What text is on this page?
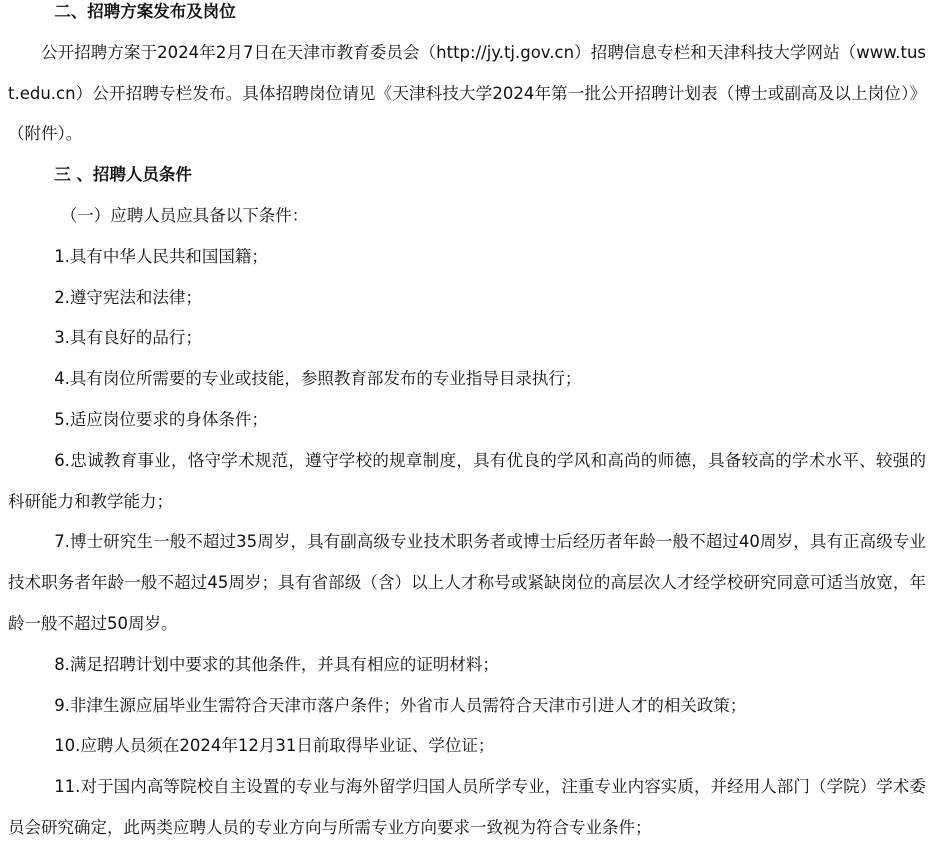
二、招聘方案发布及岗位

公开招聘方案于2024年2月7日在天津市教育委员会（http://jy.tj.gov.cn）招聘信息专栏和天津科技大学网站（www.tust.edu.cn）公开招聘专栏发布。具体招聘岗位请见《天津科技大学2024年第一批公开招聘计划表（博士或副高及以上岗位）》（附件）。

三 、招聘人员条件

（一）应聘人员应具备以下条件：

1.具有中华人民共和国国籍；

2.遵守宪法和法律；

3.具有良好的品行；

4.具有岗位所需要的专业或技能，参照教育部发布的专业指导目录执行；

5.适应岗位要求的身体条件；

6.忠诚教育事业，恪守学术规范，遵守学校的规章制度，具有优良的学风和高尚的师德，具备较高的学术水平、较强的科研能力和教学能力；

7.博士研究生一般不超过35周岁，具有副高级专业技术职务者或博士后经历者年龄一般不超过40周岁，具有正高级专业技术职务者年龄一般不超过45周岁；具有省部级（含）以上人才称号或紧缺岗位的高层次人才经学校研究同意可适当放宽，年龄一般不超过50周岁。

8.满足招聘计划中要求的其他条件，并具有相应的证明材料；

9.非津生源应届毕业生需符合天津市落户条件；外省市人员需符合天津市引进人才的相关政策；

10.应聘人员须在2024年12月31日前取得毕业证、学位证；

11.对于国内高等院校自主设置的专业与海外留学归国人员所学专业，注重专业内容实质，并经用人部门（学院）学术委员会研究确定，此两类应聘人员的专业方向与所需专业方向要求一致视为符合专业条件；
